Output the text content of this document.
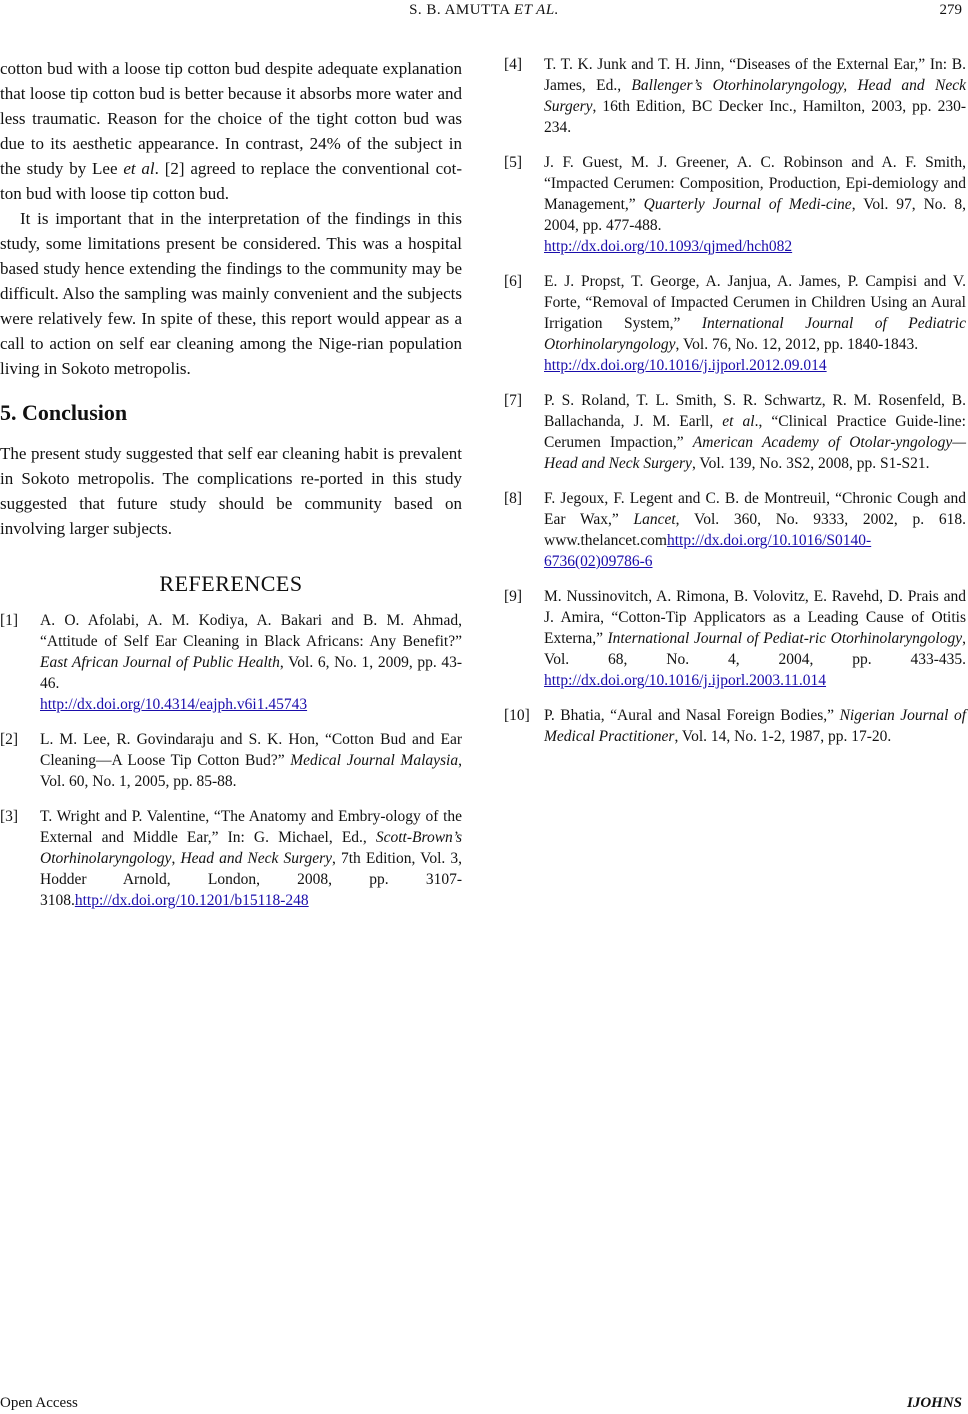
S. B. AMUTTA ET AL.	279

cotton bud with a loose tip cotton bud despite adequate explanation that loose tip cotton bud is better because it absorbs more water and less traumatic. Reason for the choice of the tight cotton bud was due to its aesthetic appearance. In contrast, 24% of the subject in the study by Lee et al. [2] agreed to replace the conventional cot-ton bud with loose tip cotton bud.

It is important that in the interpretation of the findings in this study, some limitations present be considered. This was a hospital based study hence extending the findings to the community may be difficult. Also the sampling was mainly convenient and the subjects were relatively few. In spite of these, this report would appear as a call to action on self ear cleaning among the Nige-rian population living in Sokoto metropolis.

5. Conclusion

The present study suggested that self ear cleaning habit is prevalent in Sokoto metropolis. The complications re-ported in this study suggested that future study should be community based on involving larger subjects.

REFERENCES
[1]	A. O. Afolabi, A. M. Kodiya, A. Bakari and B. M. Ahmad, “Attitude of Self Ear Cleaning in Black Africans: Any Benefit?” East African Journal of Public Health, Vol. 6, No. 1, 2009, pp. 43-46.
http://dx.doi.org/10.4314/eajph.v6i1.45743
[2]	L. M. Lee, R. Govindaraju and S. K. Hon, “Cotton Bud and Ear Cleaning—A Loose Tip Cotton Bud?” Medical Journal Malaysia, Vol. 60, No. 1, 2005, pp. 85-88.
[3]	T. Wright and P. Valentine, “The Anatomy and Embry-ology of the External and Middle Ear,” In: G. Michael, Ed., Scott-Brown’s Otorhinolaryngology, Head and Neck Surgery, 7th Edition, Vol. 3, Hodder Arnold, London, 2008, pp. 3107-3108.http://dx.doi.org/10.1201/b15118-248
[4]	T. T. K. Junk and T. H. Jinn, “Diseases of the External Ear,” In: B. James, Ed., Ballenger’s Otorhinolaryngology, Head and Neck Surgery, 16th Edition, BC Decker Inc., Hamilton, 2003, pp. 230-234.
[5]	J. F. Guest, M. J. Greener, A. C. Robinson and A. F. Smith, “Impacted Cerumen: Composition, Production, Epi-demiology and Management,” Quarterly Journal of Medi-cine, Vol. 97, No. 8, 2004, pp. 477-488.
http://dx.doi.org/10.1093/qjmed/hch082
[6]	E. J. Propst, T. George, A. Janjua, A. James, P. Campisi and V. Forte, “Removal of Impacted Cerumen in Children Using an Aural Irrigation System,” International Journal of Pediatric Otorhinolaryngology, Vol. 76, No. 12, 2012, pp. 1840-1843.
http://dx.doi.org/10.1016/j.ijporl.2012.09.014
[7]	P. S. Roland, T. L. Smith, S. R. Schwartz, R. M. Rosenfeld, B. Ballachanda, J. M. Earll, et al., “Clinical Practice Guide-line: Cerumen Impaction,” American Academy of Otolar-yngology—Head and Neck Surgery, Vol. 139, No. 3S2, 2008, pp. S1-S21.
[8]	F. Jegoux, F. Legent and C. B. de Montreuil, “Chronic Cough and Ear Wax,” Lancet, Vol. 360, No. 9333, 2002, p. 618. www.thelancet.comhttp://dx.doi.org/10.1016/S0140-6736(02)09786-6
[9]	M. Nussinovitch, A. Rimona, B. Volovitz, E. Ravehd, D. Prais and J. Amira, “Cotton-Tip Applicators as a Leading Cause of Otitis Externa,” International Journal of Pediat-ric Otorhinolaryngology, Vol. 68, No. 4, 2004, pp. 433-435. http://dx.doi.org/10.1016/j.ijporl.2003.11.014
[10] P. Bhatia, “Aural and Nasal Foreign Bodies,” Nigerian Journal of Medical Practitioner, Vol. 14, No. 1-2, 1987, pp. 17-20.
Open Access	IJOHNS
